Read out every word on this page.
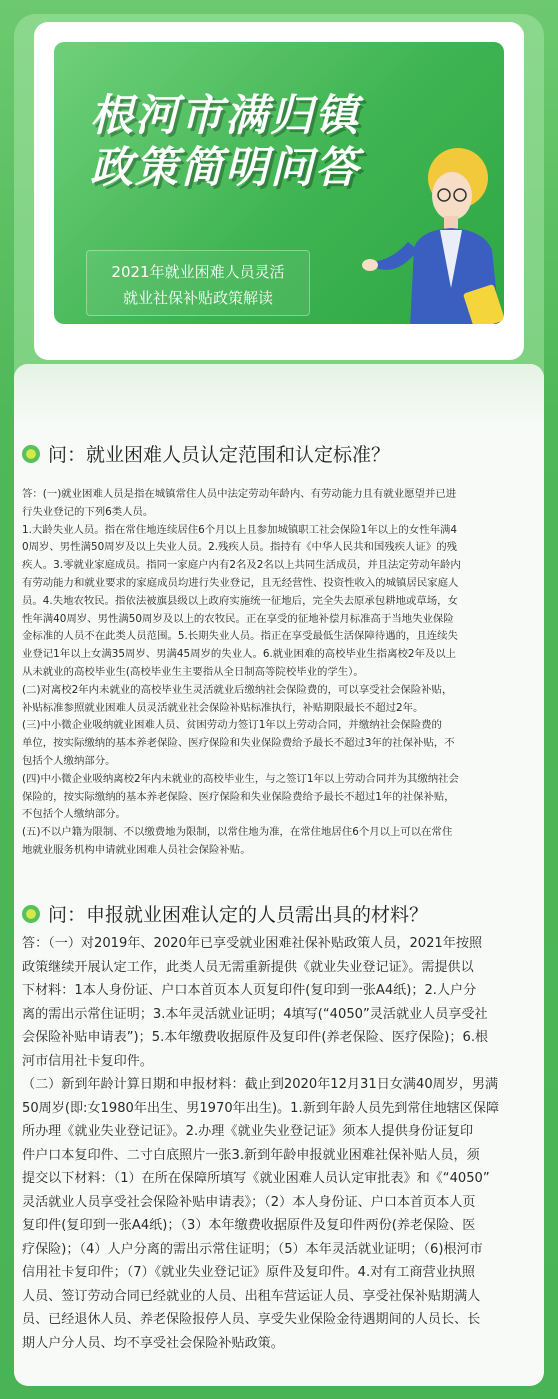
根河市满归镇
政策简明问答
2021年就业困难人员灵活
就业社保补贴政策解读
问：就业困难人员认定范围和认定标准？

答：(一)就业困难人员是指在城镇常住人员中法定劳动年龄内、有劳动能力且有就业愿望并已进

行失业登记的下列6类人员。

1.大龄失业人员。指在常住地连续居住6个月以上且参加城镇职工社会保险1年以上的女性年满4

0周岁、男性满50周岁及以上失业人员。2.残疾人员。指持有《中华人民共和国残疾人证》的残

疾人。3.零就业家庭成员。指同一家庭户内有2名及2名以上共同生活成员，并且法定劳动年龄内

有劳动能力和就业要求的家庭成员均进行失业登记，且无经营性、投资性收入的城镇居民家庭人

员。4.失地农牧民。指依法被旗县级以上政府实施统一征地后，完全失去原承包耕地或草场，女

性年满40周岁、男性满50周岁及以上的农牧民。正在享受的征地补偿月标准高于当地失业保险

金标准的人员不在此类人员范围。5.长期失业人员。指正在享受最低生活保障待遇的，且连续失

业登记1年以上女满35周岁、男满45周岁的失业人。6.就业困难的高校毕业生指离校2年及以上

从未就业的高校毕业生(高校毕业生主要指从全日制高等院校毕业的学生）。

(二)对离校2年内未就业的高校毕业生灵活就业后缴纳社会保险费的，可以享受社会保险补贴，

补贴标准参照就业困难人员灵活就业社会保险补贴标准执行，补贴期限最长不超过2年。

(三)中小微企业吸纳就业困难人员、贫困劳动力签订1年以上劳动合同，并缴纳社会保险费的

单位，按实际缴纳的基本养老保险、医疗保险和失业保险费给予最长不超过3年的社保补贴，不

包括个人缴纳部分。

(四)中小微企业吸纳离校2年内未就业的高校毕业生，与之签订1年以上劳动合同并为其缴纳社会

保险的，按实际缴纳的基本养老保险、医疗保险和失业保险费给予最长不超过1年的社保补贴，

不包括个人缴纳部分。

(五)不以户籍为限制、不以缴费地为限制，以常住地为准，在常住地居住6个月以上可以在常住

地就业服务机构申请就业困难人员社会保险补贴。

问：申报就业困难认定的人员需出具的材料？

答：（一）对2019年、2020年已享受就业困难社保补贴政策人员，2021年按照

政策继续开展认定工作，此类人员无需重新提供《就业失业登记证》。需提供以

下材料：1本人身份证、户口本首页本人页复印件(复印到一张A4纸)；2.人户分

离的需出示常住证明；3.本年灵活就业证明；4填写(“4050”灵活就业人员享受社

会保险补贴申请表”)；5.本年缴费收据原件及复印件(养老保险、医疗保险)；6.根

河市信用社卡复印件。

（二）新到年龄计算日期和申报材料：截止到2020年12月31日女满40周岁，男满

50周岁(即:女1980年出生、男1970年出生)。1.新到年龄人员先到常住地辖区保障

所办理《就业失业登记证》。2.办理《就业失业登记证》须本人提供身份证复印

件户口本复印件、二寸白底照片一张3.新到年龄申报就业困难社保补贴人员，须

提交以下材料：（1）在所在保障所填写《就业困难人员认定审批表》和《“4050”

灵活就业人员享受社会保险补贴申请表》；（2）本人身份证、户口本首页本人页

复印件(复印到一张A4纸)；（3）本年缴费收据原件及复印件两份(养老保险、医

疗保险)；（4）人户分离的需出示常住证明；（5）本年灵活就业证明；（6)根河市

信用社卡复印件；（7）《就业失业登记证》原件及复印件。4.对有工商营业执照

人员、签订劳动合同已经就业的人员、出租车营运证人员、享受社保补贴期满人

员、已经退休人员、养老保险报停人员、享受失业保险金待遇期间的人员长、长

期人户分人员、均不享受社会保险补贴政策。
